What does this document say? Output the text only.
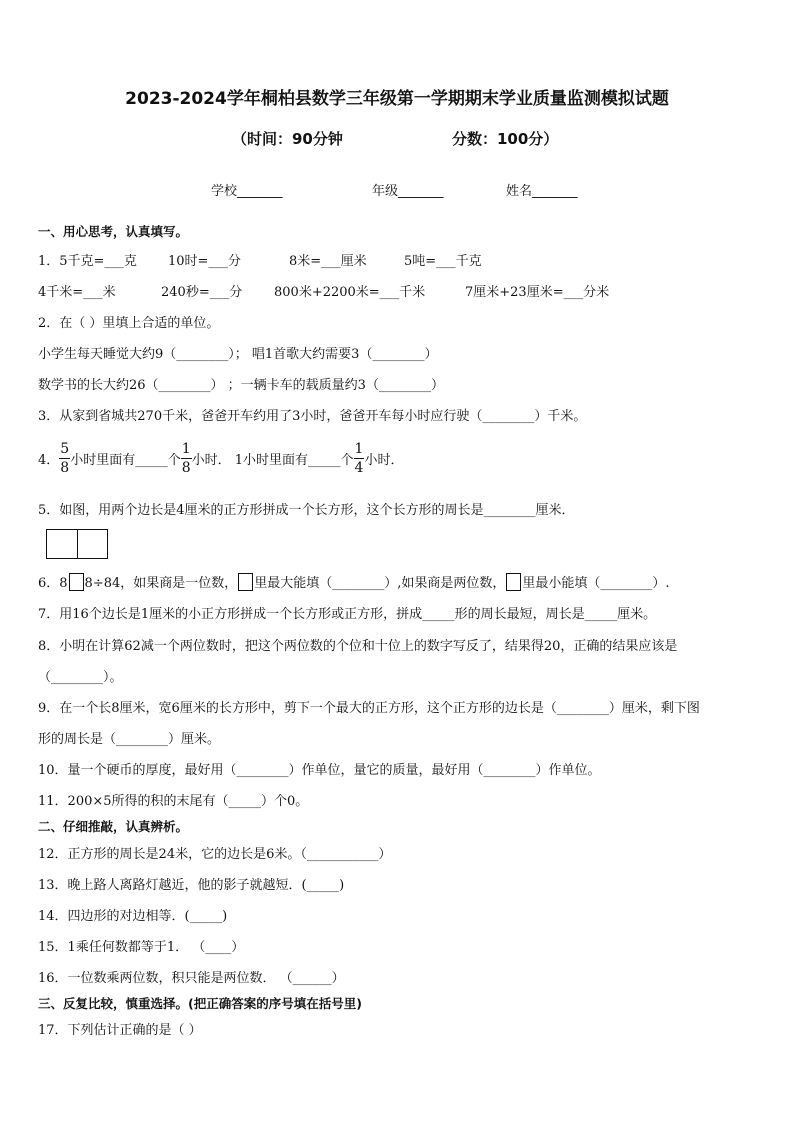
2023-2024学年桐柏县数学三年级第一学期期末学业质量监测模拟试题
（时间：90分钟	分数：100分）
学校_______	年级_______	姓名_______
一、用心思考，认真填写。
1．5千克=___克 10时=___分	8米=___厘米	5吨=___千克
4千米=___米	240秒=___分 800米+2200米=___千米	7厘米+23厘米=___分米
2．在（ ）里填上合适的单位。
小学生每天睡觉大约9（________）； 唱1首歌大约需要3（________）
数学书的长大约26（________） ；一辆卡车的载质量约3（________）
3．从家到省城共270千米，爸爸开车约用了3小时，爸爸开车每小时应行驶（________）千米。
4． $\frac{5}{8}$ 小时里面有_____个 $\frac{1}{8}$ 小时． 1小时里面有_____个 $\frac{1}{4}$ 小时．
5．如图，用两个边长是4厘米的正方形拼成一个长方形，这个长方形的周长是________厘米．
6．8 8÷84，如果商是一位数， 里最大能填（________）,如果商是两位数， 里最小能填（________）.
7．用16个边长是1厘米的小正方形拼成一个长方形或正方形，拼成_____形的周长最短，周长是_____厘米。
8．小明在计算62减一个两位数时，把这个两位数的个位和十位上的数字写反了，结果得20，正确的结果应该是
（________）。
9．在一个长8厘米，宽6厘米的长方形中，剪下一个最大的正方形，这个正方形的边长是（________）厘米，剩下图
形的周长是（________）厘米。
10．量一个硬币的厚度，最好用（________）作单位，量它的质量，最好用（________）作单位。
11．200×5所得的积的末尾有（_____）个0。
二、仔细推敲，认真辨析。
12．正方形的周长是24米，它的边长是6米。（___________）
13．晚上路人离路灯越近，他的影子就越短．(_____)
14．四边形的对边相等．(_____)
15．1乘任何数都等于1． （____）
16．一位数乘两位数，积只能是两位数． （______）
三、反复比较，慎重选择。(把正确答案的序号填在括号里)
17．下列估计正确的是（ ）
